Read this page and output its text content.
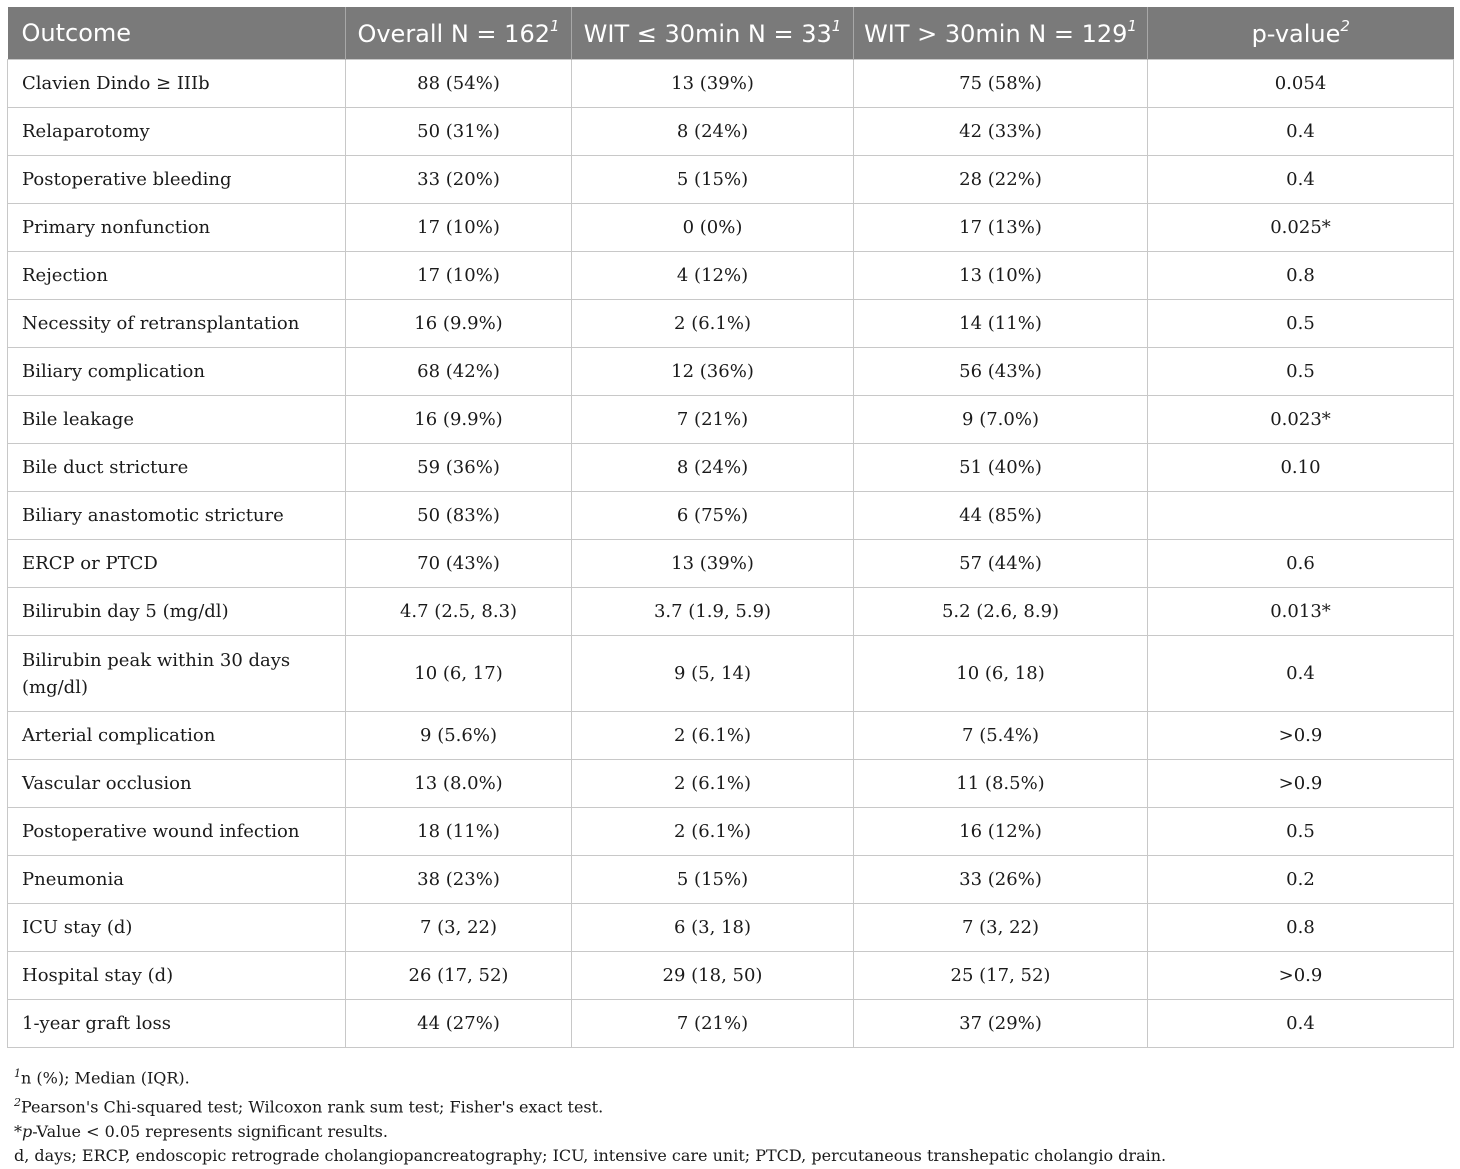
Outcome	Overall $N = 162^1$	WIT ≤ 30min $N = 33^1$	WIT > 30min $N = 129^1$	p-value$^2$
Clavien Dindo ≥ IIIb	88 (54%)	13 (39%)	75 (58%)	0.054
Relaparotomy	50 (31%)	8 (24%)	42 (33%)	0.4
Postoperative bleeding	33 (20%)	5 (15%)	28 (22%)	0.4
Primary nonfunction	17 (10%)	0 (0%)	17 (13%)	0.025*
Rejection	17 (10%)	4 (12%)	13 (10%)	0.8
Necessity of retransplantation	16 (9.9%)	2 (6.1%)	14 (11%)	0.5
Biliary complication	68 (42%)	12 (36%)	56 (43%)	0.5
Bile leakage	16 (9.9%)	7 (21%)	9 (7.0%)	0.023*
Bile duct stricture	59 (36%)	8 (24%)	51 (40%)	0.10
Biliary anastomotic stricture	50 (83%)	6 (75%)	44 (85%)	
ERCP or PTCD	70 (43%)	13 (39%)	57 (44%)	0.6
Bilirubin day 5 (mg/dl)	4.7 (2.5, 8.3)	3.7 (1.9, 5.9)	5.2 (2.6, 8.9)	0.013*
Bilirubin peak within 30 days (mg/dl)	10 (6, 17)	9 (5, 14)	10 (6, 18)	0.4
Arterial complication	9 (5.6%)	2 (6.1%)	7 (5.4%)	>0.9
Vascular occlusion	13 (8.0%)	2 (6.1%)	11 (8.5%)	>0.9
Postoperative wound infection	18 (11%)	2 (6.1%)	16 (12%)	0.5
Pneumonia	38 (23%)	5 (15%)	33 (26%)	0.2
ICU stay (d)	7 (3, 22)	6 (3, 18)	7 (3, 22)	0.8
Hospital stay (d)	26 (17, 52)	29 (18, 50)	25 (17, 52)	>0.9
1-year graft loss	44 (27%)	7 (21%)	37 (29%)	0.4
$^1$n (%); Median (IQR).
$^2$Pearson's Chi-squared test; Wilcoxon rank sum test; Fisher's exact test.
*p-Value < 0.05 represents significant results.
d, days; ERCP, endoscopic retrograde cholangiopancreatography; ICU, intensive care unit; PTCD, percutaneous transhepatic cholangio drain.
